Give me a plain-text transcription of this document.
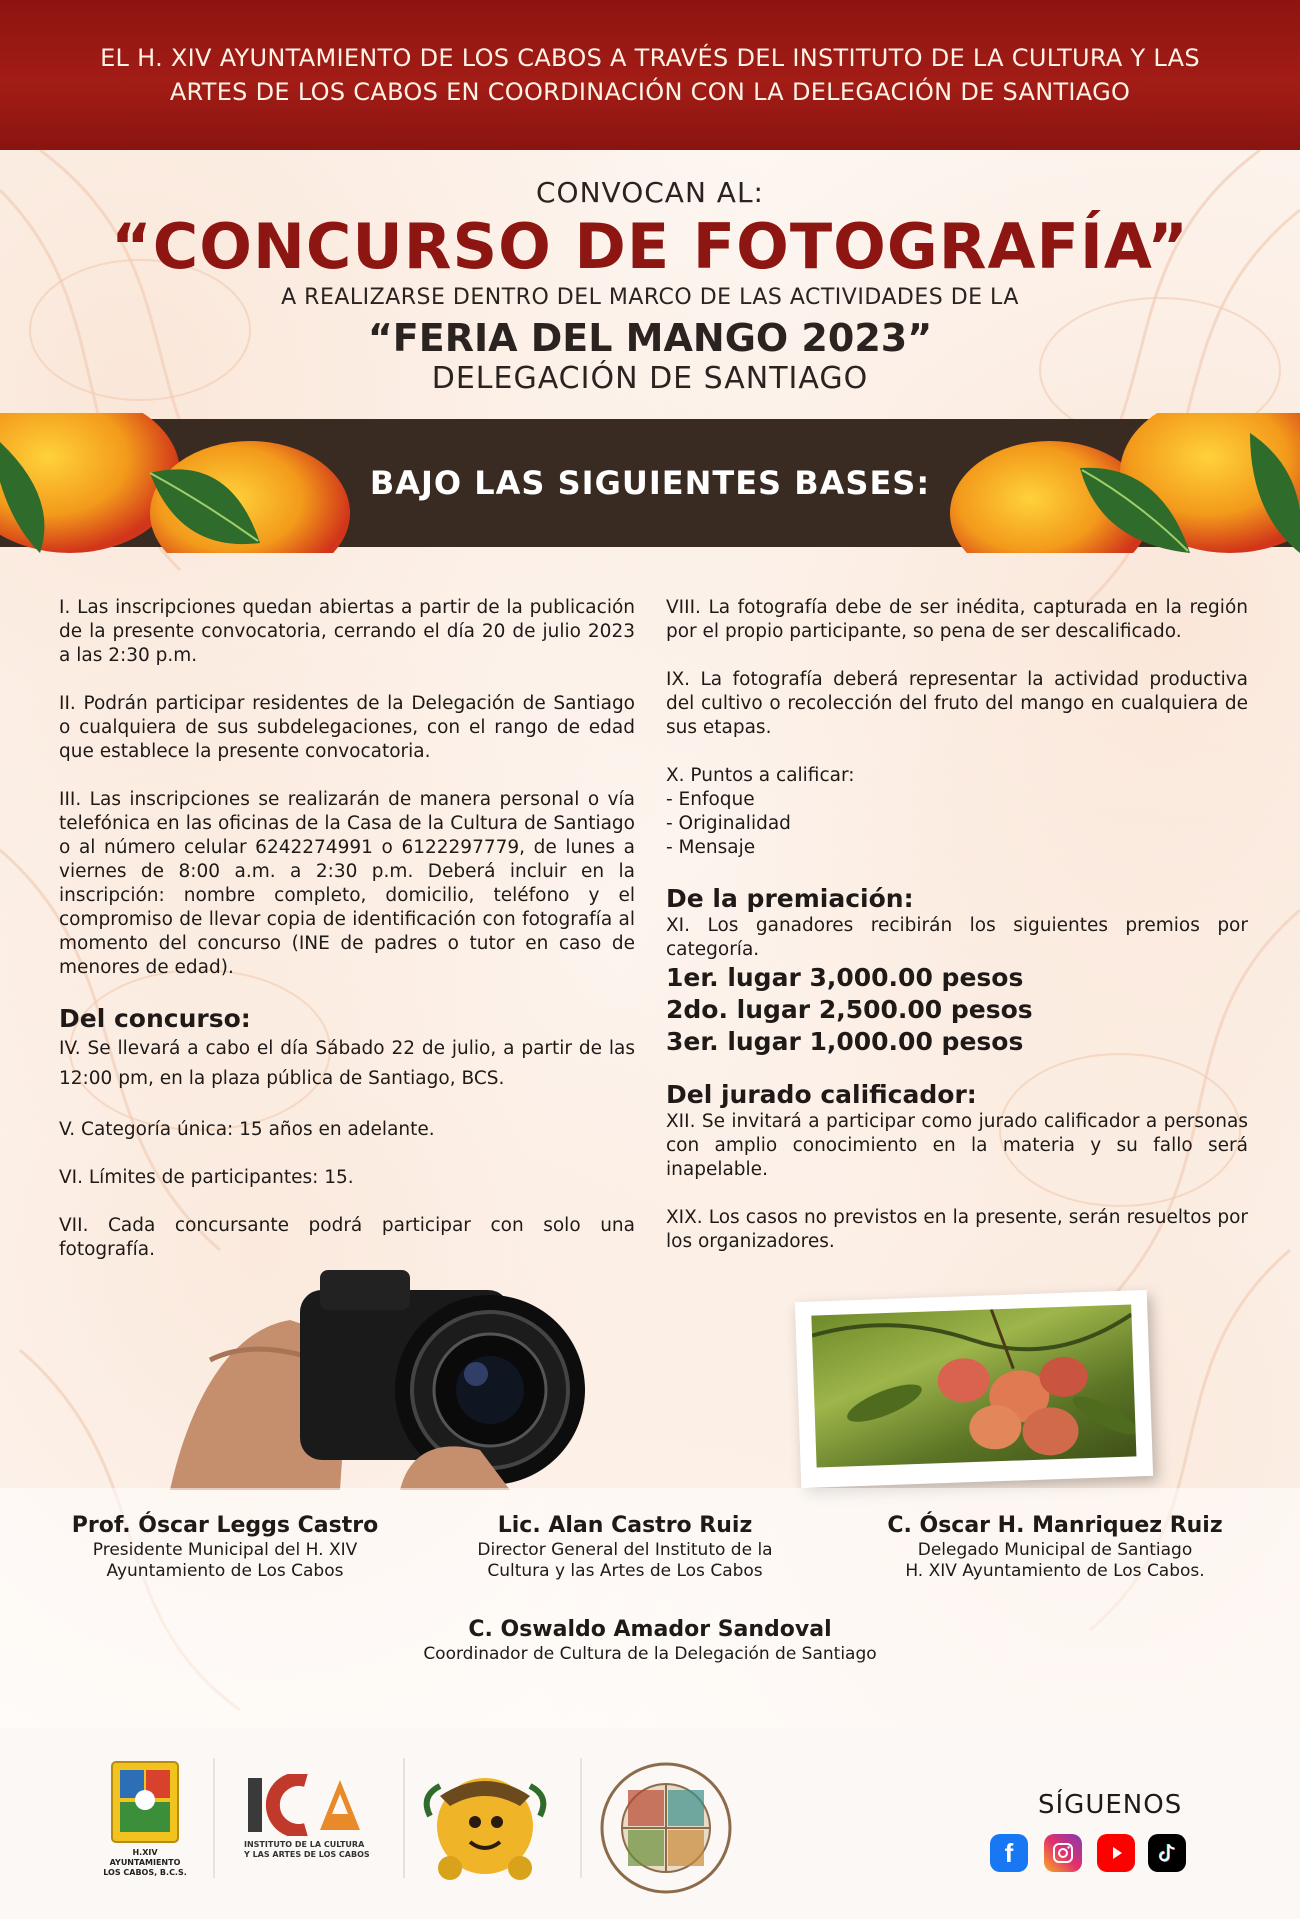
EL H. XIV AYUNTAMIENTO DE LOS CABOS A TRAVÉS DEL INSTITUTO DE LA CULTURA Y LAS ARTES DE LOS CABOS EN COORDINACIÓN CON LA DELEGACIÓN DE SANTIAGO

CONVOCAN AL:
“CONCURSO DE FOTOGRAFÍA”
A REALIZARSE DENTRO DEL MARCO DE LAS ACTIVIDADES DE LA
“FERIA DEL MANGO 2023”
DELEGACIÓN DE SANTIAGO
BAJO LAS SIGUIENTES BASES:

I. Las inscripciones quedan abiertas a partir de la publicación de la presente convocatoria, cerrando el día 20 de julio 2023 a las 2:30 p.m.

II. Podrán participar residentes de la Delegación de Santiago o cualquiera de sus subdelegaciones, con el rango de edad que establece la presente convocatoria.

III. Las inscripciones se realizarán de manera personal o vía telefónica en las oficinas de la Casa de la Cultura de Santiago o al número celular 6242274991 o 6122297779, de lunes a viernes de 8:00 a.m. a 2:30 p.m. Deberá incluir en la inscripción: nombre completo, domicilio, teléfono y el compromiso de llevar copia de identificación con fotografía al momento del concurso (INE de padres o tutor en caso de menores de edad).

Del concurso:

IV. Se llevará a cabo el día Sábado 22 de julio, a partir de las 12:00 pm, en la plaza pública de Santiago, BCS.

V. Categoría única: 15 años en adelante.

VI. Límites de participantes: 15.

VII. Cada concursante podrá participar con solo una fotografía.

VIII. La fotografía debe de ser inédita, capturada en la región por el propio participante, so pena de ser descalificado.

IX. La fotografía deberá representar la actividad productiva del cultivo o recolección del fruto del mango en cualquiera de sus etapas.

X. Puntos a calificar:
- Enfoque
- Originalidad
- Mensaje
De la premiación:

XI. Los ganadores recibirán los siguientes premios por categoría.

1er. lugar 3,000.00 pesos
2do. lugar 2,500.00 pesos
3er. lugar 1,000.00 pesos
Del jurado calificador:

XII. Se invitará a participar como jurado calificador a personas con amplio conocimiento en la materia y su fallo será inapelable.

XIX. Los casos no previstos en la presente, serán resueltos por los organizadores.

Prof. Óscar Leggs Castro
Presidente Municipal del H. XIV
Ayuntamiento de Los Cabos
Lic. Alan Castro Ruiz
Director General del Instituto de la
Cultura y las Artes de Los Cabos
C. Óscar H. Manriquez Ruiz
Delegado Municipal de Santiago
H. XIV Ayuntamiento de Los Cabos.
C. Oswaldo Amador Sandoval
Coordinador de Cultura de la Delegación de Santiago
H.XIV AYUNTAMIENTO
LOS CABOS, B.C.S.
INSTITUTO DE LA CULTURA
Y LAS ARTES DE LOS CABOS
SÍGUENOS
f
